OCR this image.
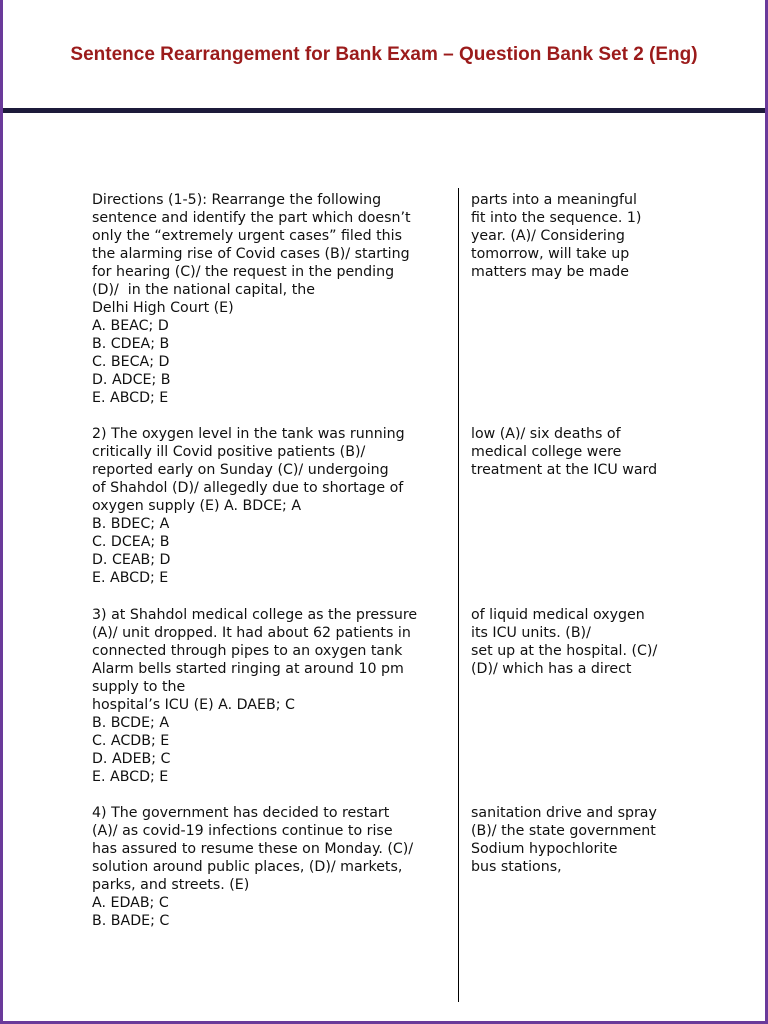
Sentence Rearrangement for Bank Exam – Question Bank Set 2 (Eng)
Directions (1-5): Rearrange the following
sentence and identify the part which doesn’t
only the “extremely urgent cases” filed this
the alarming rise of Covid cases (B)/ starting
for hearing (C)/ the request in the pending
(D)/  in the national capital, the
Delhi High Court (E)
A. BEAC; D
B. CDEA; B
C. BECA; D
D. ADCE; B
E. ABCD; E
parts into a meaningful
fit into the sequence. 1)
year. (A)/ Considering
tomorrow, will take up
matters may be made
2) The oxygen level in the tank was running
critically ill Covid positive patients (B)/
reported early on Sunday (C)/ undergoing
of Shahdol (D)/ allegedly due to shortage of
oxygen supply (E) A. BDCE; A
B. BDEC; A
C. DCEA; B
D. CEAB; D
E. ABCD; E
low (A)/ six deaths of
medical college were
treatment at the ICU ward
3) at Shahdol medical college as the pressure
(A)/ unit dropped. It had about 62 patients in
connected through pipes to an oxygen tank
Alarm bells started ringing at around 10 pm
supply to the
hospital’s ICU (E) A. DAEB; C
B. BCDE; A
C. ACDB; E
D. ADEB; C
E. ABCD; E
of liquid medical oxygen
its ICU units. (B)/
set up at the hospital. (C)/
(D)/ which has a direct
4) The government has decided to restart
(A)/ as covid-19 infections continue to rise
has assured to resume these on Monday. (C)/
solution around public places, (D)/ markets,
parks, and streets. (E)
A. EDAB; C
B. BADE; C
sanitation drive and spray
(B)/ the state government
Sodium hypochlorite
bus stations,
